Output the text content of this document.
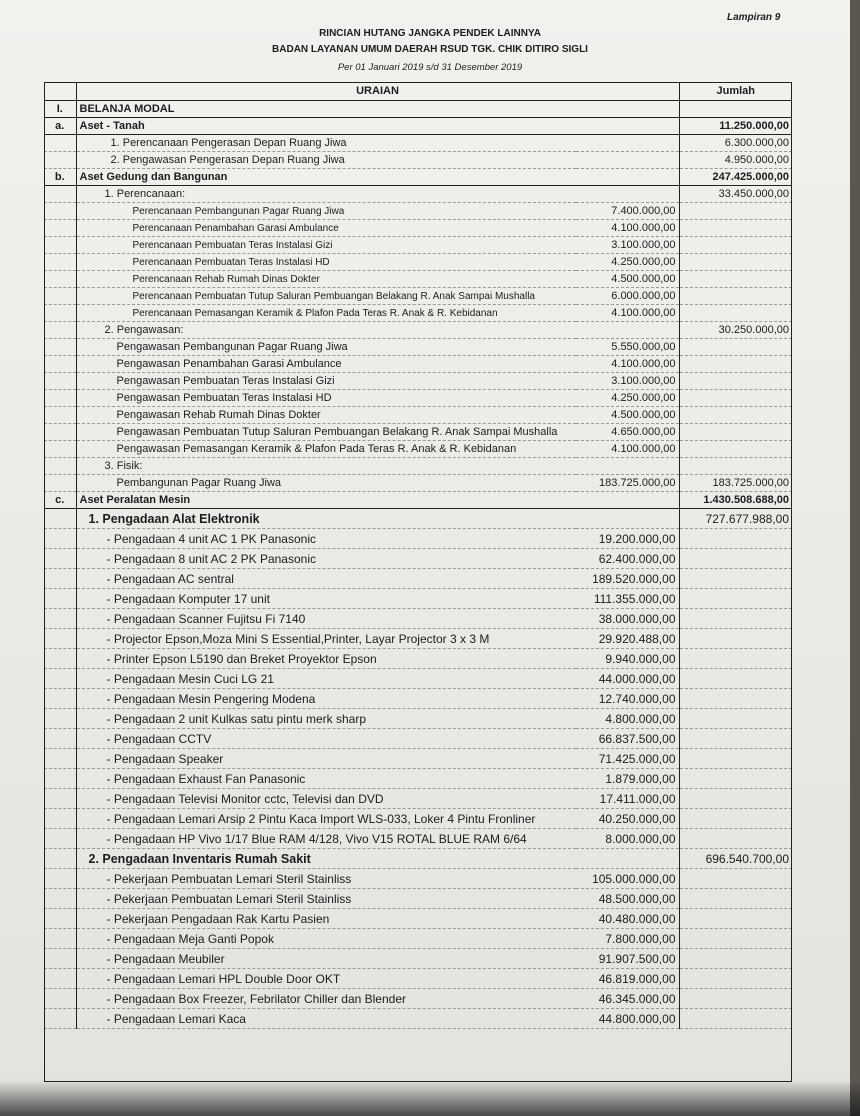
Lampiran 9
RINCIAN HUTANG JANGKA PENDEK LAINNYA
BADAN LAYANAN UMUM DAERAH RSUD TGK. CHIK DITIRO SIGLI
Per 01 Januari 2019 s/d 31 Desember 2019
	URAIAN		Jumlah
I.	BELANJA MODAL		
a.	Aset - Tanah		11.250.000,00
	1. Perencanaan Pengerasan Depan Ruang Jiwa		6.300.000,00
	2. Pengawasan Pengerasan Depan Ruang Jiwa		4.950.000,00
b.	Aset Gedung dan Bangunan		247.425.000,00
	1. Perencanaan:		33.450.000,00
	Perencanaan Pembangunan Pagar Ruang Jiwa	7.400.000,00	
	Perencanaan Penambahan Garasi Ambulance	4.100.000,00	
	Perencanaan Pembuatan Teras Instalasi Gizi	3.100.000,00	
	Perencanaan Pembuatan Teras Instalasi HD	4.250.000,00	
	Perencanaan Rehab Rumah Dinas Dokter	4.500.000,00	
	Perencanaan Pembuatan Tutup Saluran Pembuangan Belakang R. Anak Sampai Mushalla	6.000.000,00	
	Perencanaan Pemasangan Keramik & Plafon Pada Teras R. Anak & R. Kebidanan	4.100.000,00	
	2. Pengawasan:		30.250.000,00
	Pengawasan Pembangunan Pagar Ruang Jiwa	5.550.000,00	
	Pengawasan Penambahan Garasi Ambulance	4.100.000,00	
	Pengawasan Pembuatan Teras Instalasi Gizi	3.100.000,00	
	Pengawasan Pembuatan Teras Instalasi HD	4.250.000,00	
	Pengawasan Rehab Rumah Dinas Dokter	4.500.000,00	
	Pengawasan Pembuatan Tutup Saluran Pembuangan Belakang R. Anak Sampai Mushalla	4.650.000,00	
	Pengawasan Pemasangan Keramik & Plafon Pada Teras R. Anak & R. Kebidanan	4.100.000,00	
	3. Fisik:		
	Pembangunan Pagar Ruang Jiwa	183.725.000,00	183.725.000,00
c.	Aset Peralatan Mesin		1.430.508.688,00
	1. Pengadaan Alat Elektronik		727.677.988,00
	- Pengadaan 4 unit AC 1 PK Panasonic	19.200.000,00	
	- Pengadaan 8 unit AC 2 PK Panasonic	62.400.000,00	
	- Pengadaan AC sentral	189.520.000,00	
	- Pengadaan Komputer 17 unit	111.355.000,00	
	- Pengadaan Scanner Fujitsu Fi 7140	38.000.000,00	
	- Projector Epson,Moza Mini S Essential,Printer, Layar Projector 3 x 3 M	29.920.488,00	
	- Printer Epson L5190 dan Breket Proyektor Epson	9.940.000,00	
	- Pengadaan Mesin Cuci LG 21	44.000.000,00	
	- Pengadaan Mesin Pengering Modena	12.740.000,00	
	- Pengadaan 2 unit Kulkas satu pintu merk sharp	4.800.000,00	
	- Pengadaan CCTV	66.837.500,00	
	- Pengadaan Speaker	71.425.000,00	
	- Pengadaan Exhaust Fan Panasonic	1.879.000,00	
	- Pengadaan Televisi Monitor cctc, Televisi dan DVD	17.411.000,00	
	- Pengadaan Lemari Arsip 2 Pintu Kaca Import WLS-033, Loker 4 Pintu Fronliner	40.250.000,00	
	- Pengadaan HP Vivo 1/17 Blue RAM 4/128, Vivo V15 ROTAL BLUE RAM 6/64	8.000.000,00	
	2. Pengadaan Inventaris Rumah Sakit		696.540.700,00
	- Pekerjaan Pembuatan Lemari Steril Stainliss	105.000.000,00	
	- Pekerjaan Pembuatan Lemari Steril Stainliss	48.500.000,00	
	- Pekerjaan Pengadaan Rak Kartu Pasien	40.480.000,00	
	- Pengadaan Meja Ganti Popok	7.800.000,00	
	- Pengadaan Meubiler	91.907.500,00	
	- Pengadaan Lemari HPL Double Door OKT	46.819.000,00	
	- Pengadaan Box Freezer, Febrilator Chiller dan Blender	46.345.000,00	
	- Pengadaan Lemari Kaca	44.800.000,00	
